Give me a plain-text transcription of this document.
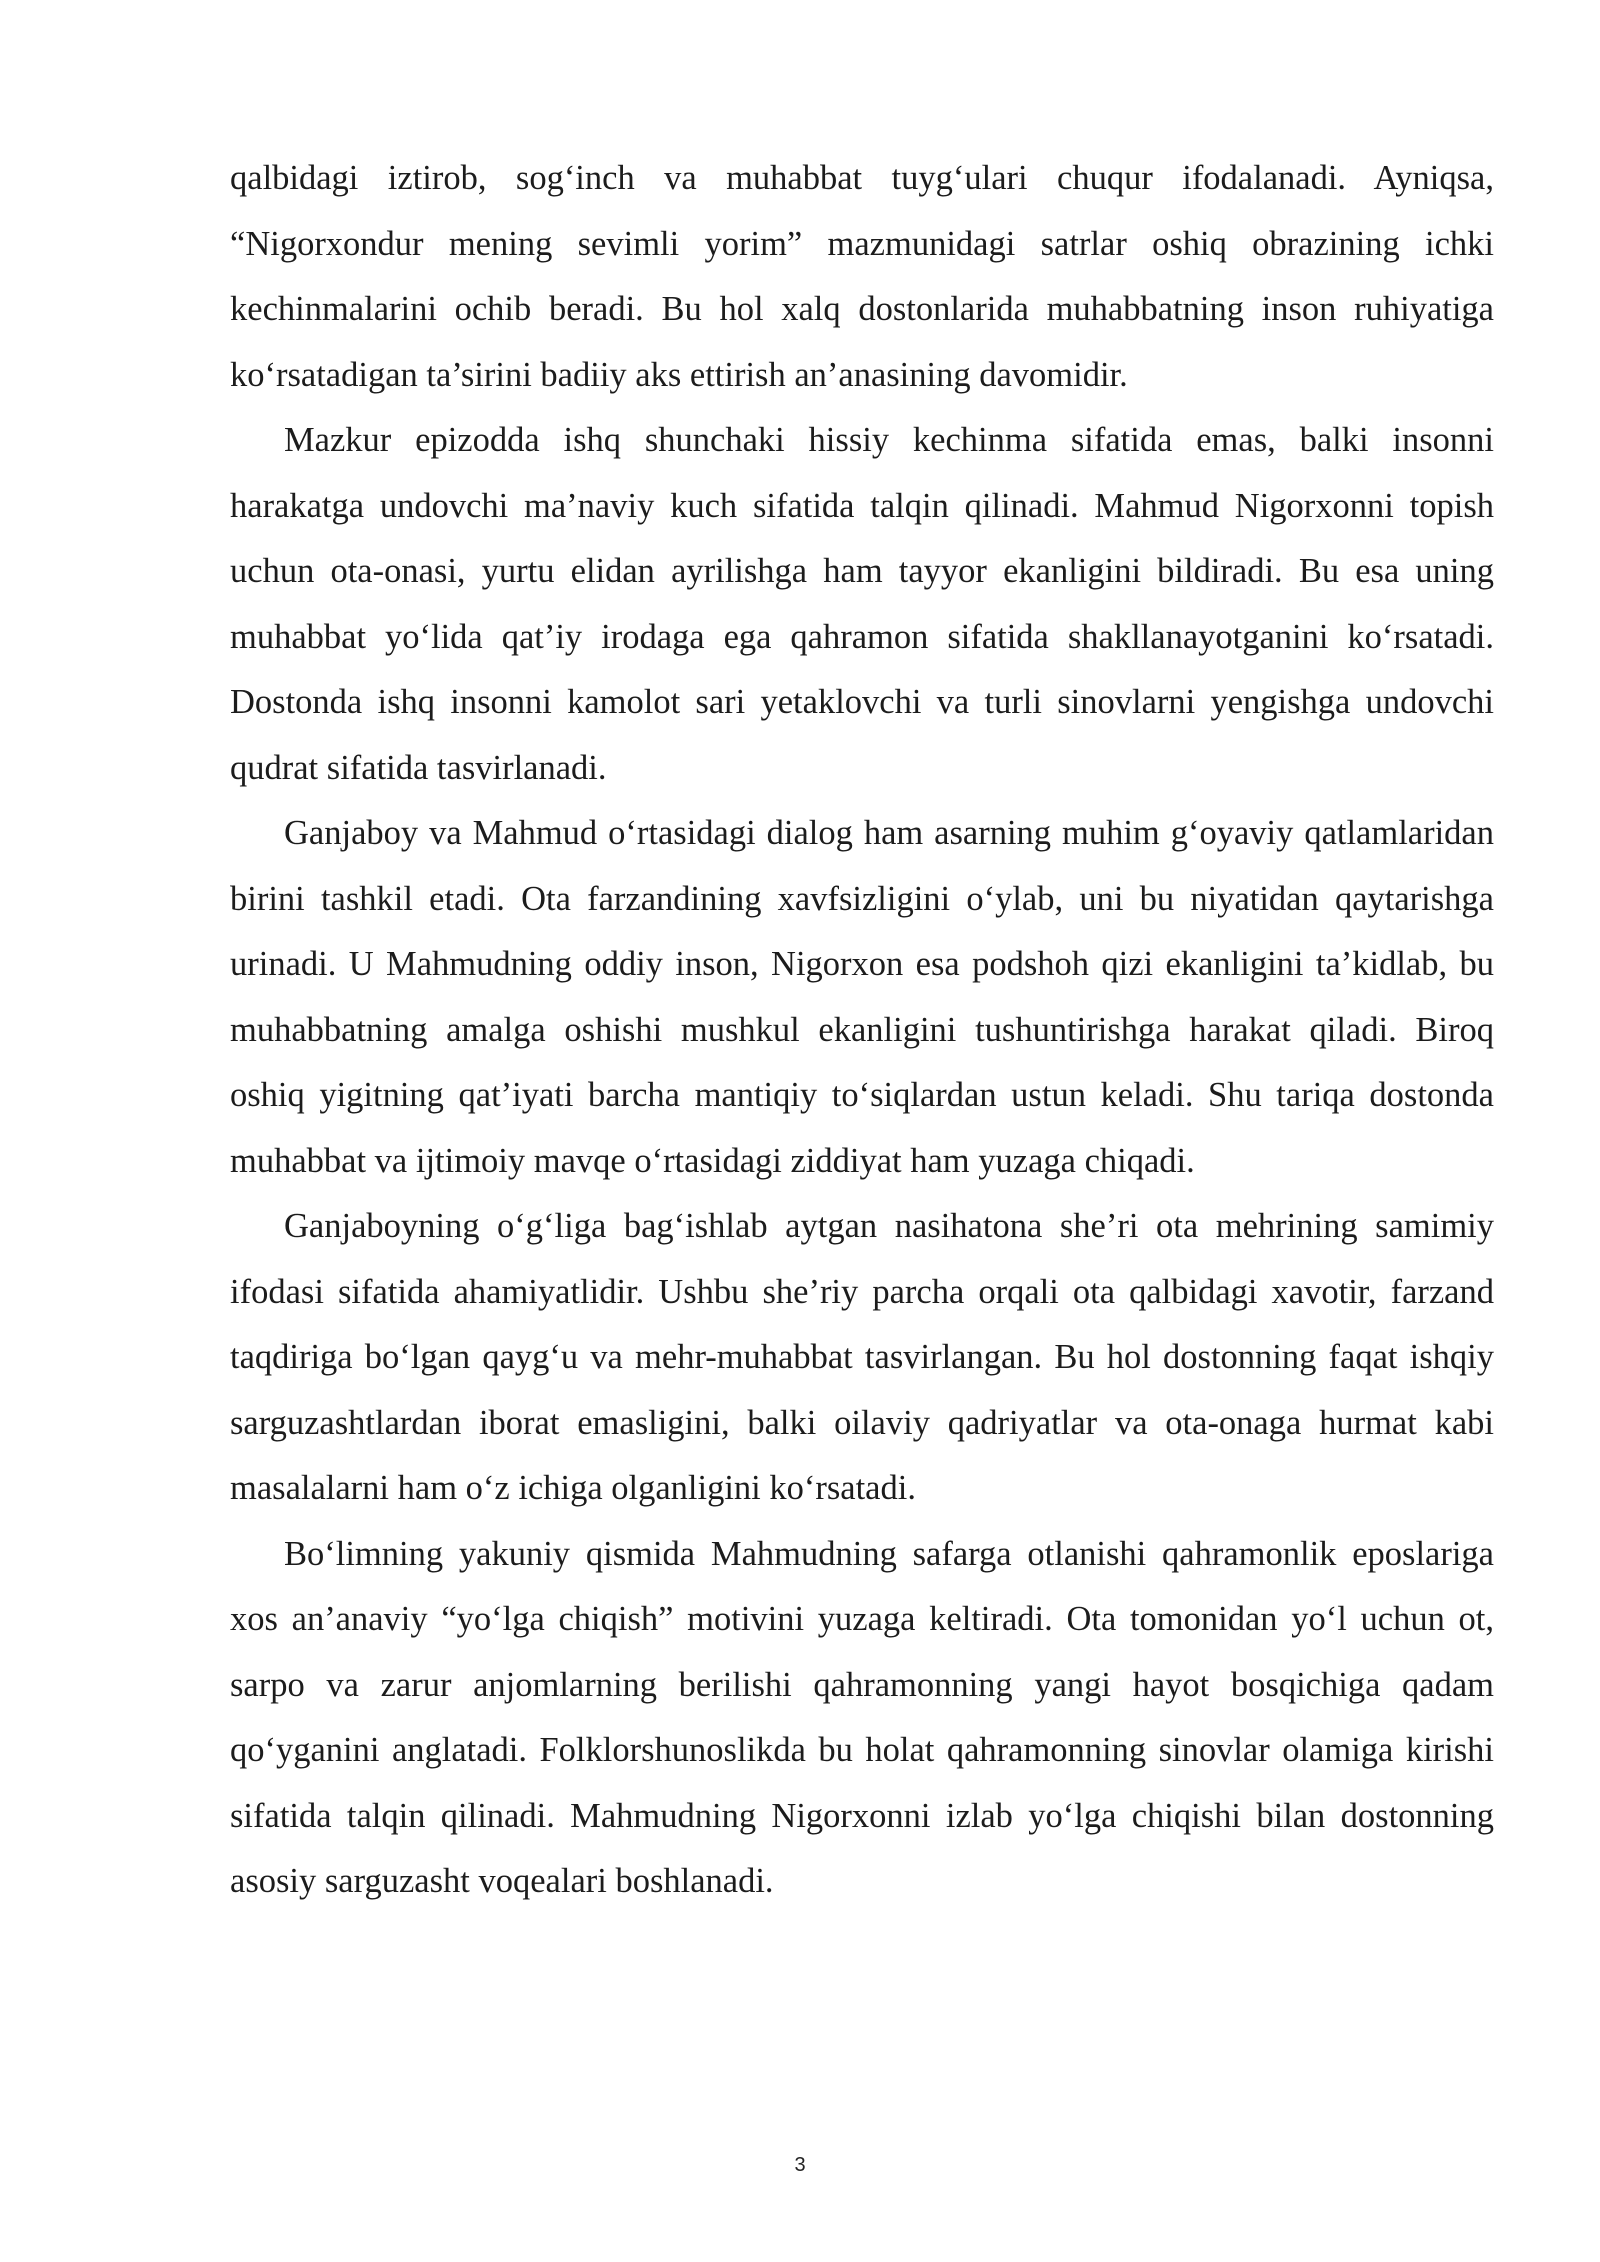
qalbidagi iztirob, sog‘inch va muhabbat tuyg‘ulari chuqur ifodalanadi. Ayniqsa, “Nigorxondur mening sevimli yorim” mazmunidagi satrlar oshiq obrazining ichki kechinmalarini ochib beradi. Bu hol xalq dostonlarida muhabbatning inson ruhiyatiga ko‘rsatadigan ta’sirini badiiy aks ettirish an’anasining davomidir.

Mazkur epizodda ishq shunchaki hissiy kechinma sifatida emas, balki insonni harakatga undovchi ma’naviy kuch sifatida talqin qilinadi. Mahmud Nigorxonni topish uchun ota-onasi, yurtu elidan ayrilishga ham tayyor ekanligini bildiradi. Bu esa uning muhabbat yo‘lida qat’iy irodaga ega qahramon sifatida shakllanayotganini ko‘rsatadi. Dostonda ishq insonni kamolot sari yetaklovchi va turli sinovlarni yengishga undovchi qudrat sifatida tasvirlanadi.

Ganjaboy va Mahmud o‘rtasidagi dialog ham asarning muhim g‘oyaviy qatlamlaridan birini tashkil etadi. Ota farzandining xavfsizligini o‘ylab, uni bu niyatidan qaytarishga urinadi. U Mahmudning oddiy inson, Nigorxon esa podshoh qizi ekanligini ta’kidlab, bu muhabbatning amalga oshishi mushkul ekanligini tushuntirishga harakat qiladi. Biroq oshiq yigitning qat’iyati barcha mantiqiy to‘siqlardan ustun keladi. Shu tariqa dostonda muhabbat va ijtimoiy mavqe o‘rtasidagi ziddiyat ham yuzaga chiqadi.

Ganjaboyning o‘g‘liga bag‘ishlab aytgan nasihatona she’ri ota mehrining samimiy ifodasi sifatida ahamiyatlidir. Ushbu she’riy parcha orqali ota qalbidagi xavotir, farzand taqdiriga bo‘lgan qayg‘u va mehr-muhabbat tasvirlangan. Bu hol dostonning faqat ishqiy sarguzashtlardan iborat emasligini, balki oilaviy qadriyatlar va ota-onaga hurmat kabi masalalarni ham o‘z ichiga olganligini ko‘rsatadi.

Bo‘limning yakuniy qismida Mahmudning safarga otlanishi qahramonlik eposlariga xos an’anaviy “yo‘lga chiqish” motivini yuzaga keltiradi. Ota tomonidan yo‘l uchun ot, sarpo va zarur anjomlarning berilishi qahramonning yangi hayot bosqichiga qadam qo‘yganini anglatadi. Folklorshunoslikda bu holat qahramonning sinovlar olamiga kirishi sifatida talqin qilinadi. Mahmudning Nigorxonni izlab yo‘lga chiqishi bilan dostonning asosiy sarguzasht voqealari boshlanadi.

3
